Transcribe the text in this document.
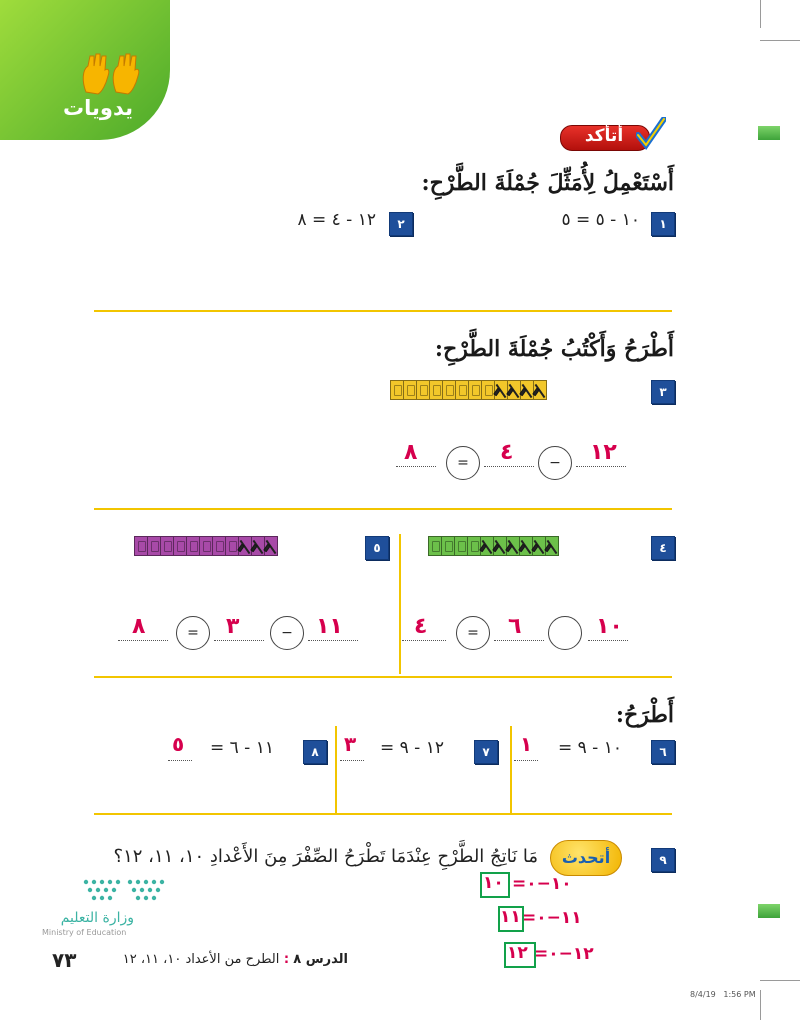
يدويات
أتأكد
أَسْتَعْمِلُ لِأُمَثِّلَ جُمْلَةَ الطَّرْحِ:
١
١٠ - ٥ = ٥
٢
١٢ - ٤ = ٨
أَطْرَحُ وَأَكْتُبُ جُمْلَةَ الطَّرْحِ:
٣
٨	=	٤	−	١٢
٤
٤	=	٦	١٠
٥
٨	=	٣	−	١١
أَطْرَحُ:
٦
١٠ - ٩ =
١
٧
١٢ - ٩ =
٣
٨
١١ - ٦ =
٥
٩
أتحدث
مَا نَاتِجُ الطَّرْحِ عِنْدَمَا تَطْرَحُ الصِّفْرَ مِنَ الأَعْدادِ ١٠، ١١، ١٢؟
=١٠−٠
١٠
=١١−٠
١١
=١٢−٠
١٢
وزارة التعليم
Ministry of Education
٧٣	الدرس ٨ : الطرح من الأعداد ١٠، ١١، ١٢
8/4/19   1:56 PM
